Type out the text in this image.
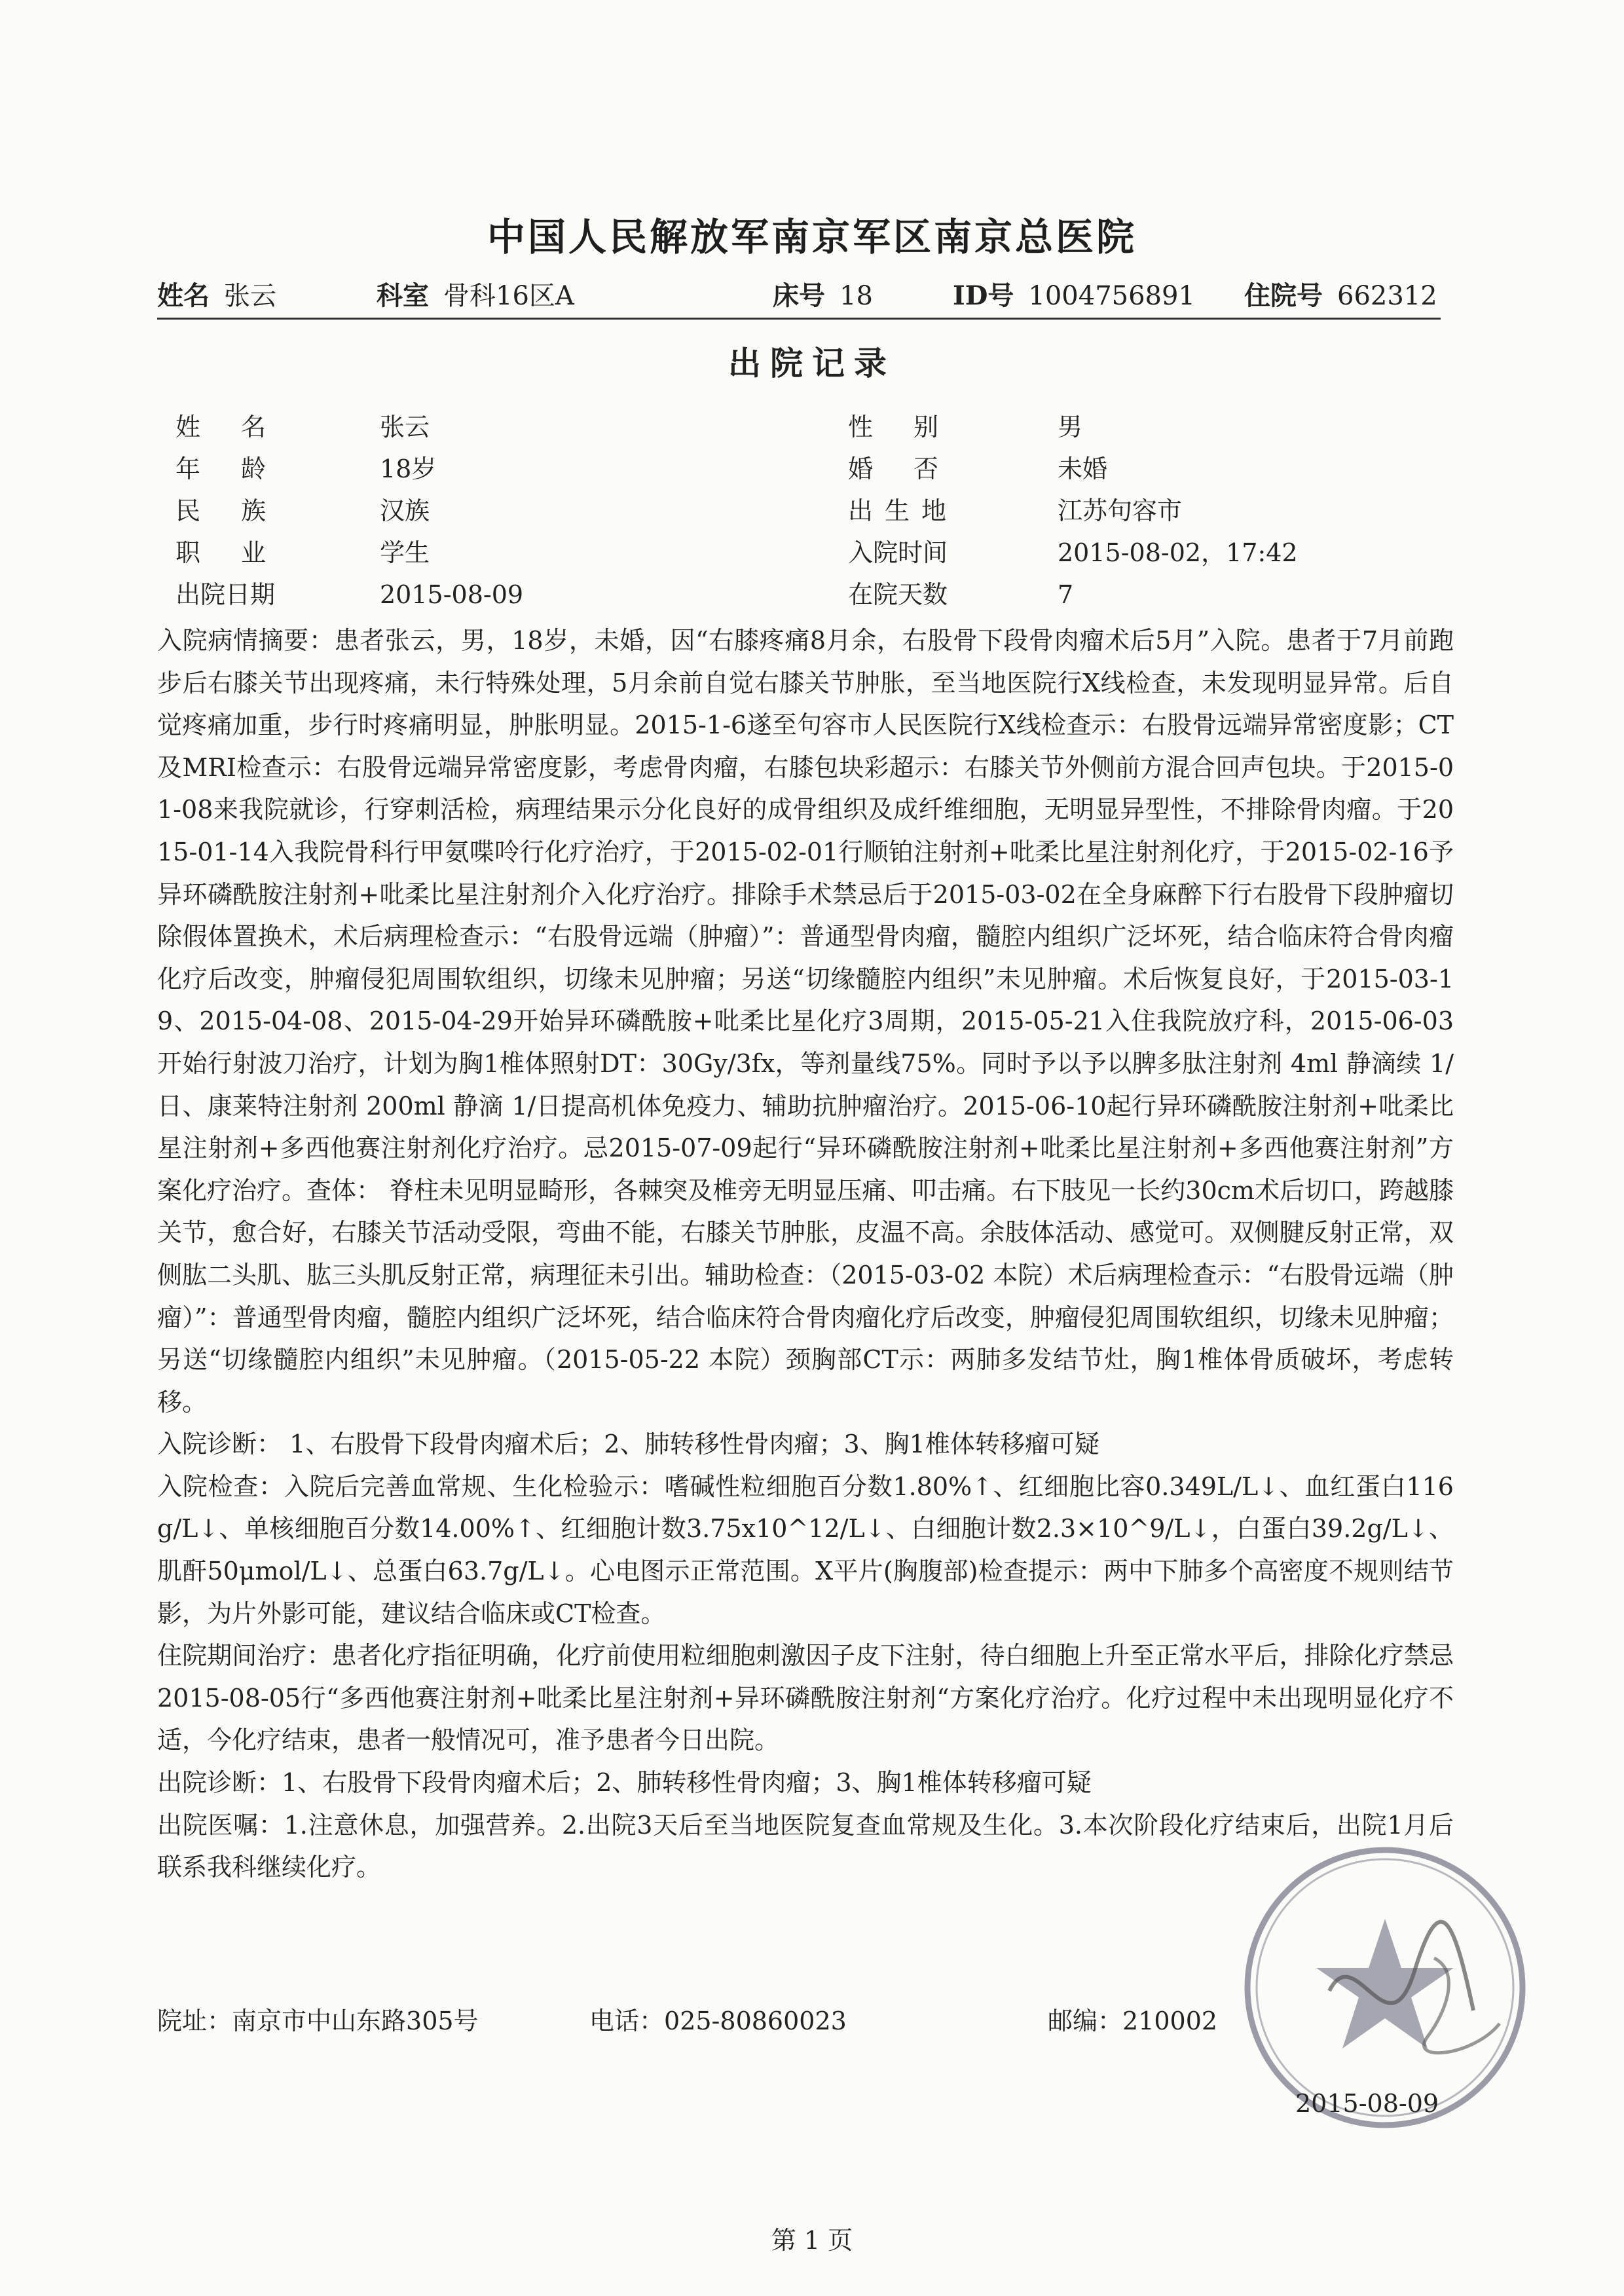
中国人民解放军南京军区南京总医院
姓名 张云	科室 骨科16区A	床号 18	ID号 1004756891 住院号 662312
出院记录
姓名	张云	性别	男
年龄	18岁	婚否	未婚
民族	汉族	出生地	江苏句容市
职业	学生	入院时间	2015-08-02，17:42
出院日期	2015-08-09	在院天数	7

入院病情摘要：患者张云，男，18岁，未婚，因“右膝疼痛8月余，右股骨下段骨肉瘤术后5月”入院。患者于7月前跑步后右膝关节出现疼痛，未行特殊处理，5月余前自觉右膝关节肿胀，至当地医院行X线检查，未发现明显异常。后自觉疼痛加重，步行时疼痛明显，肿胀明显。2015-1-6遂至句容市人民医院行X线检查示：右股骨远端异常密度影；CT及MRI检查示：右股骨远端异常密度影，考虑骨肉瘤，右膝包块彩超示：右膝关节外侧前方混合回声包块。于2015-01-08来我院就诊，行穿刺活检，病理结果示分化良好的成骨组织及成纤维细胞，无明显异型性，不排除骨肉瘤。于2015-01-14入我院骨科行甲氨喋呤行化疗治疗，于2015-02-01行顺铂注射剂+吡柔比星注射剂化疗，于2015-02-16予异环磷酰胺注射剂+吡柔比星注射剂介入化疗治疗。排除手术禁忌后于2015-03-02在全身麻醉下行右股骨下段肿瘤切除假体置换术，术后病理检查示：“右股骨远端（肿瘤）”：普通型骨肉瘤，髓腔内组织广泛坏死，结合临床符合骨肉瘤化疗后改变，肿瘤侵犯周围软组织，切缘未见肿瘤；另送“切缘髓腔内组织”未见肿瘤。术后恢复良好，于2015-03-19、2015-04-08、2015-04-29开始异环磷酰胺+吡柔比星化疗3周期，2015-05-21入住我院放疗科，2015-06-03开始行射波刀治疗，计划为胸1椎体照射DT：30Gy/3fx，等剂量线75%。同时予以予以脾多肽注射剂 4ml 静滴续 1/日、康莱特注射剂 200ml 静滴 1/日提高机体免疫力、辅助抗肿瘤治疗。2015-06-10起行异环磷酰胺注射剂+吡柔比星注射剂+多西他赛注射剂化疗治疗。忌2015-07-09起行“异环磷酰胺注射剂+吡柔比星注射剂+多西他赛注射剂”方案化疗治疗。查体： 脊柱未见明显畸形，各棘突及椎旁无明显压痛、叩击痛。右下肢见一长约30cm术后切口，跨越膝关节，愈合好，右膝关节活动受限，弯曲不能，右膝关节肿胀，皮温不高。余肢体活动、感觉可。双侧腱反射正常，双侧肱二头肌、肱三头肌反射正常，病理征未引出。辅助检查：（2015-03-02 本院）术后病理检查示：“右股骨远端（肿瘤）”：普通型骨肉瘤，髓腔内组织广泛坏死，结合临床符合骨肉瘤化疗后改变，肿瘤侵犯周围软组织，切缘未见肿瘤；另送“切缘髓腔内组织”未见肿瘤。（2015-05-22 本院）颈胸部CT示：两肺多发结节灶，胸1椎体骨质破坏，考虑转移。

入院诊断： 1、右股骨下段骨肉瘤术后；2、肺转移性骨肉瘤；3、胸1椎体转移瘤可疑

入院检查：入院后完善血常规、生化检验示：嗜碱性粒细胞百分数1.80%↑、红细胞比容0.349L/L↓、血红蛋白116g/L↓、单核细胞百分数14.00%↑、红细胞计数3.75x10^12/L↓、白细胞计数2.3×10^9/L↓，白蛋白39.2g/L↓、肌酐50μmol/L↓、总蛋白63.7g/L↓。心电图示正常范围。X平片(胸腹部)检查提示：两中下肺多个高密度不规则结节影，为片外影可能，建议结合临床或CT检查。

住院期间治疗：患者化疗指征明确，化疗前使用粒细胞刺激因子皮下注射，待白细胞上升至正常水平后，排除化疗禁忌2015-08-05行“多西他赛注射剂+吡柔比星注射剂+异环磷酰胺注射剂“方案化疗治疗。化疗过程中未出现明显化疗不适，今化疗结束，患者一般情况可，准予患者今日出院。

出院诊断：1、右股骨下段骨肉瘤术后；2、肺转移性骨肉瘤；3、胸1椎体转移瘤可疑

出院医嘱：1.注意休息，加强营养。2.出院3天后至当地医院复查血常规及生化。3.本次阶段化疗结束后，出院1月后联系我科继续化疗。

院址：南京市中山东路305号	电话：025-80860023	邮编：210002
2015-08-09
第 1 页
